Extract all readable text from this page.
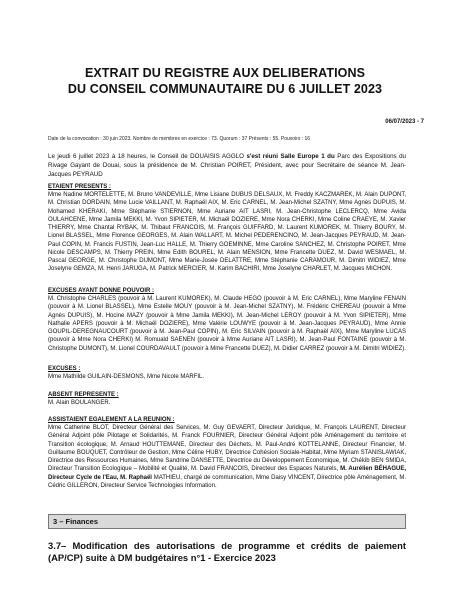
EXTRAIT DU REGISTRE AUX DELIBERATIONS
DU CONSEIL COMMUNAUTAIRE DU 6 JUILLET 2023
06/07/2023 - 7
Date de la convocation : 30 juin 2023. Nombre de membres en exercice : 73. Quorum : 37 Présents : 55. Pouvoirs : 16

Le jeudi 6 juillet 2023 à 18 heures, le Conseil de DOUAISIS AGGLO s'est réuni Salle Europe 1 du Parc des Expositions du Rivage Gayant de Douai, sous la présidence de M. Christian POIRET, Président, avec pour Secrétaire de séance M. Jean-Jacques PEYRAUD

ETAIENT PRESENTS :

Mme Nadine MORTELETTE, M. Bruno VANDEVILLE, Mme Lisiane DUBUS DELSAUX, M. Freddy KACZMAREK, M. Alain DUPONT, M. Christian DORDAIN, Mme Lucie VAILLANT, M. Raphaël AIX, M. Eric CARNEL, M. Jean-Michel SZATNY, Mme Agnès DUPUIS, M. Mohamed KHERAKI, Mme Stéphanie STIERNON, Mme Auriane AIT LASRI, M. Jean-Christophe LECLERCQ, Mme Avida OULAHCENE, Mme Jamila MEKKI, M. Yvon SIPIETER, M. Michaël DOZIERE, Mme Nora CHERKI, Mme Coline CRAEYE, M. Xavier THIERRY, Mme Chantal RYBAK, M. Thibaut FRANCOIS, M. François GUIFFARD, M. Laurent KUMOREK, M. Thierry BOURY, M. Lionel BLASSEL, Mme Florence GEORGES, M. Alain WALLART, M. Michel PEDERENCINO, M. Jean-Jacques PEYRAUD, M. Jean-Paul COPIN, M. Francis FUSTIN, Jean-Luc HALLE, M. Thierry GOEMINNE, Mme Caroline SANCHEZ, M. Christophe POIRET, Mme Nicole DESCAMPS, M. Thierry PREIN, Mme Edith BOUREL, M. Alain MENSION, Mme Francette DUEZ, M. David WESMAEL, M. Pascal GEORGE, M. Christophe DUMONT, Mme Marie-Josée DELATTRE, Mme Stéphanie CARAMOUR, M. Dimitri WIDIEZ, Mme Joselyne GEMZA, M. Henri JARUGA, M. Patrick MERCIER, M. Karim BACHIRI, Mme Joselyne CHARLET, M. Jacques MICHON.

EXCUSES AYANT DONNE POUVOIR :

M. Christophe CHARLES (pouvoir à M. Laurent KUMOREK), M. Claude HEGO (pouvoir à M. Eric CARNEL), Mme Maryline FENAIN (pouvoir à M. Lionel BLASSEL), Mme Estelle MOUY (pouvoir à M. Jean-Michel SZATNY), M. Frédéric CHEREAU (pouvoir à Mme Agnès DUPUIS), M. Hocine MAZY (pouvoir à Mme Jamila MEKKI), M. Jean-Michel LEROY (pouvoir à M. Yvon SIPIETER), Mme Nathalie APERS (pouvoir à M. Michaël DOZIERE), Mme Valérie LOUWYE (pouvoir à M. Jean-Jacques PEYRAUD), Mme Annie GOUPIL-DEREGNAUCOURT (pouvoir à M. Jean-Paul COPIN), M. Eric SILVAIN (pouvoir à M. Raphaël AIX), Mme Maryline LUCAS (pouvoir à Mme Nora CHERKI) M. Romuald SAENEN (pouvoir à Mme Auriane AIT LASRI), M. Jean-Paul FONTAINE (pouvoir à M. Christophe DUMONT), M. Lionel COURDAVAULT (pouvoir à Mme Francette DUEZ), M. Didier CARREZ (pouvoir à M. Dimitri WIDIEZ).

EXCUSES :

Mme Mathilde GUILAIN-DESMONS, Mme Nicole MARFIL.

ABSENT REPRESENTE :

M. Alain BOULANGER.

ASSISTAIENT EGALEMENT A LA REUNION :

Mme Catherine BLOT, Directeur Général des Services, M. Guy GEVAERT, Directeur Juridique, M. François LAURENT, Directeur Général Adjoint pôle Pilotage et Solidarités, M. Franck FOURNIER, Directeur Général Adjoint pôle Aménagement du territoire et Transition écologique, M. Arnaud HOUTTEMANE, Directeur des Déchets, M. Paul-André KOTTELANNE, Directeur Financier, M. Guillaume BOUQUET, Contrôleur de Gestion, Mme Céline HUBY, Directrice Cohésion Sociale-Habitat, Mme Myriam STANISLAWIAK, Directrice des Ressources Humaines, Mme Sandrine DANSETTE, Directrice du Développement Economique, M. Chékib BEN SMIDA, Directeur Transition Ecologique – Mobilité et Qualité, M. David FRANCOIS, Directeur des Espaces Naturels, M. Aurélien BÉHAGUE, Directeur Cycle de l'Eau, M. Raphaël MATHIEU, chargé de communication, Mme Daisy VINCENT, Directrice pôle Aménagement, M. Cédric GILLERON, Directeur Service Technologies Information.

3 – Finances

3.7– Modification des autorisations de programme et crédits de paiement (AP/CP) suite à DM budgétaires n°1 - Exercice 2023
